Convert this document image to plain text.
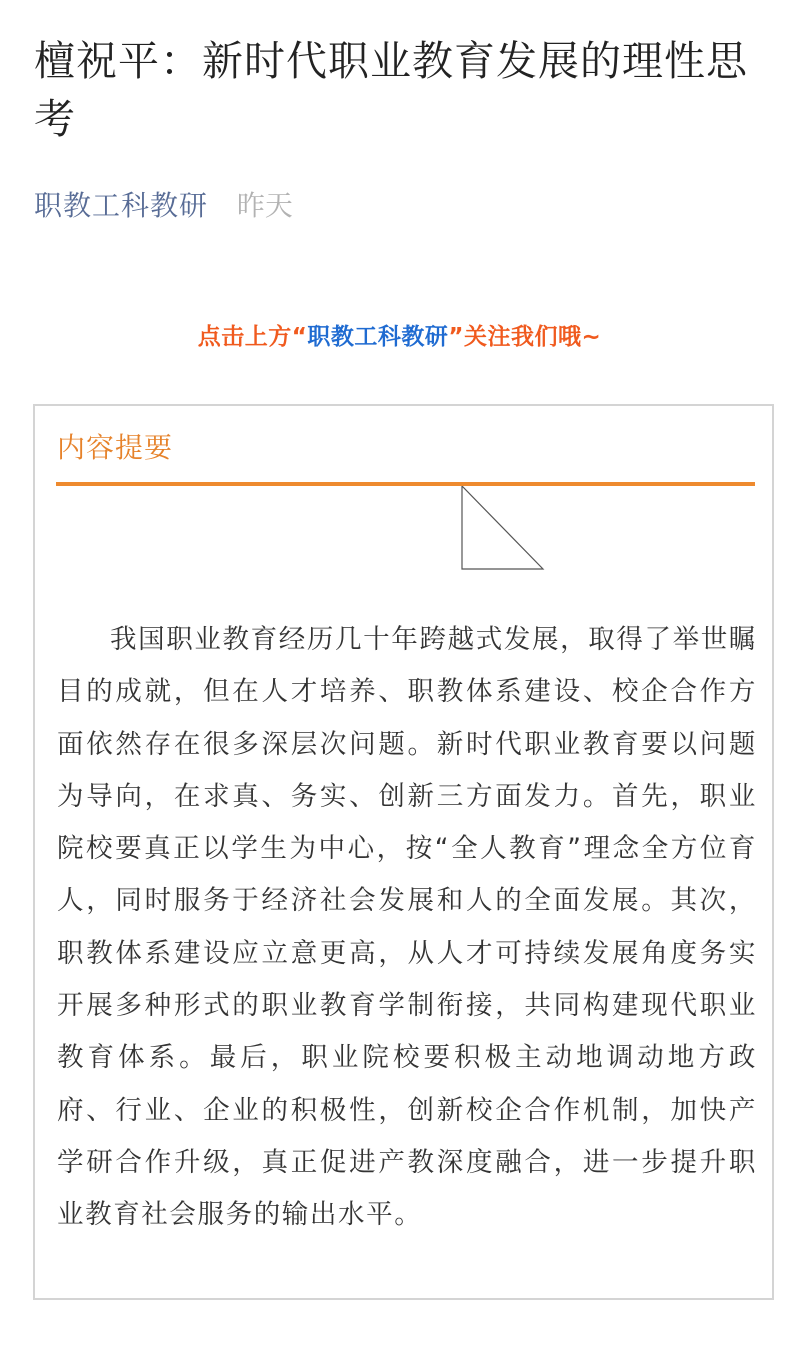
檀祝平：新时代职业教育发展的理性思考
职教工科教研 昨天
点击上方“职教工科教研”关注我们哦~
内容提要

我国职业教育经历几十年跨越式发展，取得了举世瞩目的成就，但在人才培养、职教体系建设、校企合作方面依然存在很多深层次问题。新时代职业教育要以问题为导向，在求真、务实、创新三方面发力。首先，职业院校要真正以学生为中心，按“全人教育”理念全方位育人，同时服务于经济社会发展和人的全面发展。其次，职教体系建设应立意更高，从人才可持续发展角度务实开展多种形式的职业教育学制衔接，共同构建现代职业教育体系。最后，职业院校要积极主动地调动地方政府、行业、企业的积极性，创新校企合作机制，加快产学研合作升级，真正促进产教深度融合，进一步提升职业教育社会服务的输出水平。
